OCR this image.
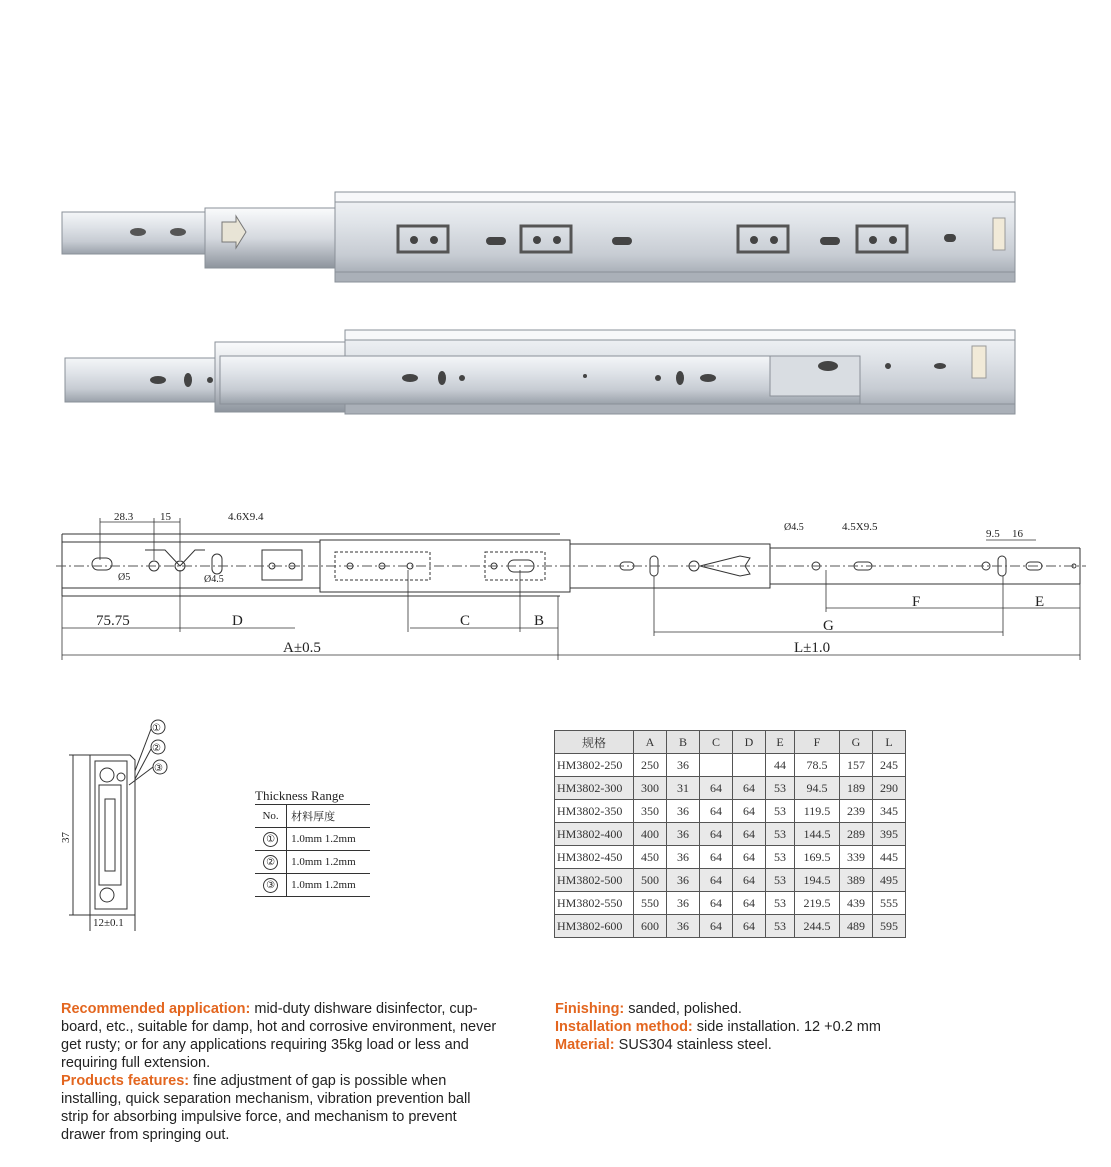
28.3 15	4.6X9.4
Ø5	Ø4.5
Ø4.5	4.5X9.5
9.5 16
75.75	D	C	B
A±0.5
G
F	E
L±1.0
①
②
③
37
12±0.1
Thickness Range
No.	材料厚度
①	1.0mm 1.2mm
②	1.0mm 1.2mm
③	1.0mm 1.2mm
规格	A	B	C	D	E	F	G	L
HM3802-250	250	36			44	78.5	157	245
HM3802-300	300	31	64	64	53	94.5	189	290
HM3802-350	350	36	64	64	53	119.5	239	345
HM3802-400	400	36	64	64	53	144.5	289	395
HM3802-450	450	36	64	64	53	169.5	339	445
HM3802-500	500	36	64	64	53	194.5	389	495
HM3802-550	550	36	64	64	53	219.5	439	555
HM3802-600	600	36	64	64	53	244.5	489	595
Recommended application: mid-duty dishware disinfector, cup-board, etc., suitable for damp, hot and corrosive environment, never get rusty; or for any applications requiring 35kg load or less and requiring full extension.
Products features: fine adjustment of gap is possible when installing, quick separation mechanism, vibration prevention ball strip for absorbing impulsive force, and mechanism to prevent drawer from springing out.
Finishing: sanded, polished.
Installation method: side installation. 12 +0.2 mm
Material: SUS304 stainless steel.
